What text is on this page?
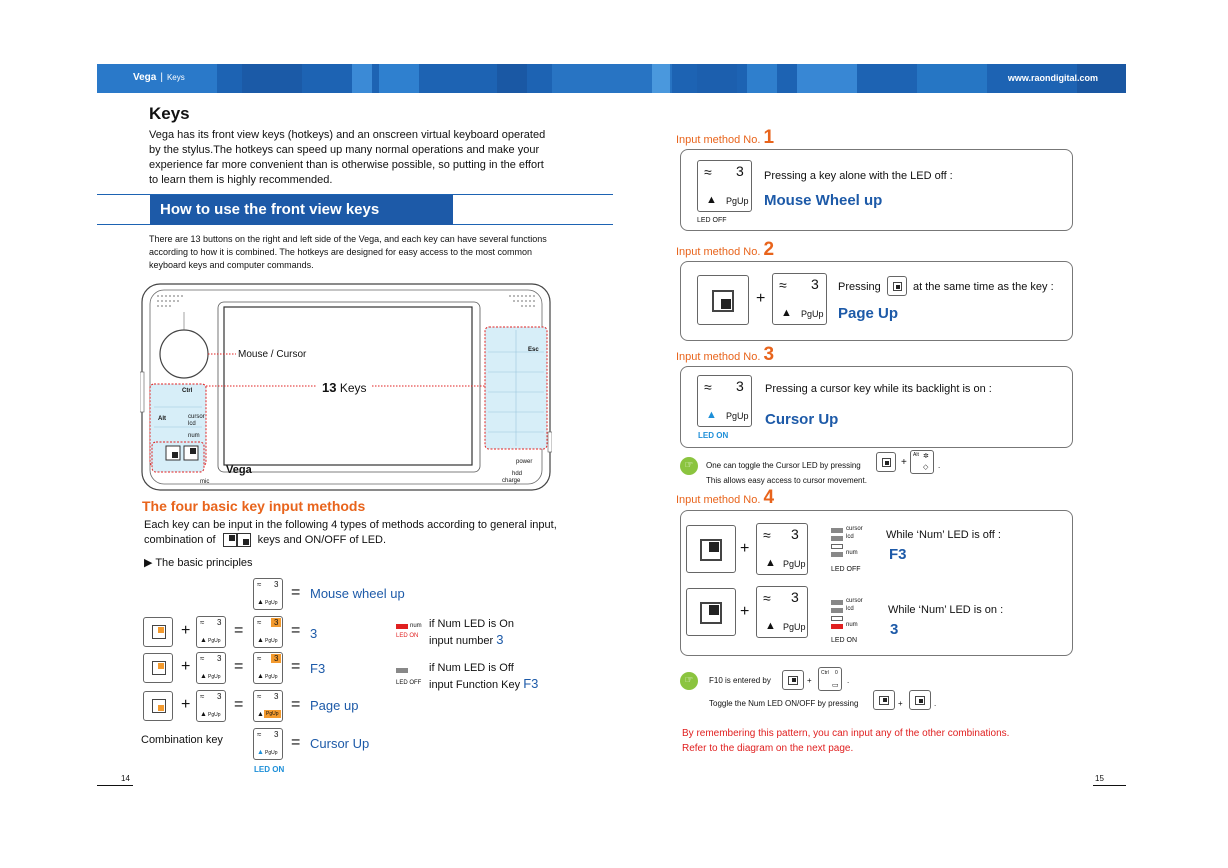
Vega | Keys	www.raondigital.com
Keys
Vega has its front view keys (hotkeys) and an onscreen virtual keyboard operated by the stylus.The hotkeys can speed up many normal operations and make your experience far more convenient than is otherwise possible, so putting in the effort to learn them is highly recommended.
How to use the front view keys
There are 13 buttons on the right and left side of the Vega, and each key can have several functions according to how it is combined. The hotkeys are designed for easy access to the most common keyboard keys and computer commands.
Mouse / Cursor
13 Keys
Vega
mic
power
hdd
charge
cursor
lcd
num
Ctrl
Alt
Esc
The four basic key input methods
Each key can be input in the following 4 types of methods according to general input,
combination of	keys and ON/OFF of LED.
▶ The basic principles
≈ 3
▲ PgUp
= Mouse wheel up
+ ≈ 3
▲ PgUp
= ≈	3
▲ PgUp
= 3
+ ≈ 3
▲ PgUp
= ≈	3
▲ PgUp
= F3
+ ≈ 3
▲ PgUp
= ≈ 3
▲ PgUp
= Page up
Combination key	≈ 3
▲ PgUp
= Cursor Up
LED ON
num
LED ON
if Num LED is On
input number 3
LED OFF
if Num LED is Off
input Function Key F3
14
Input method No. 1
≈ 3
▲ PgUp
LED OFF
Pressing a key alone with the LED off :
Mouse Wheel up
Input method No. 2
+
≈ 3
▲ PgUp
Pressing	at the same time as the key :
Page Up
Input method No. 3
≈ 3
▲ PgUp
LED ON
Pressing a cursor key while its backlight is on :
Cursor Up
☞	One can toggle the Cursor LED by pressing	+
Alt ✲
◇ .
This allows easy access to cursor movement.
Input method No. 4
+
≈ 3
▲ PgUp
cursor
lcd
num
LED OFF
While ‘Num’ LED is off :
F3
+
≈ 3
▲ PgUp
cursor
lcd
num
LED ON
While ‘Num’ LED is on :
3
☞	F10 is entered by	+
Ctrl 0
▭
.
Toggle the Num LED ON/OFF by pressing	+	.
By remembering this pattern, you can input any of the other combinations.
Refer to the diagram on the next page.
15
